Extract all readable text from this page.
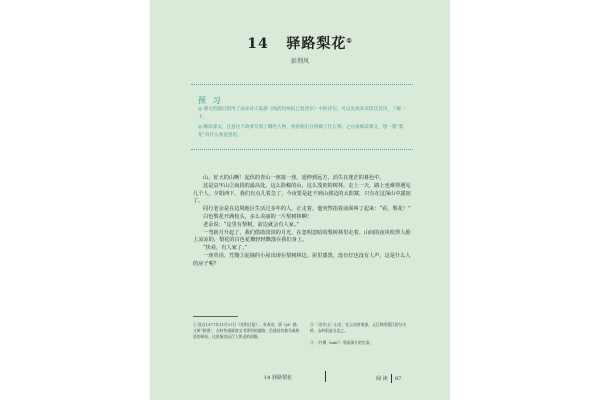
14 驿路梨花①
彭荆风
预 习
◎ 课文的题目借用了南宋诗人陆游《闻武均州报已复西京》中的诗句，可以先找来读读这首诗，了解一下。
◎ 略读课文，注意这个故事写到了哪些人物，看看他们分别做了什么事。之后再细读课文，想一想“梨花”有什么象征意思。

山，好大的山啊！起伏的青山一座接一座，延伸到远方，消失在迷茫的暮色中。

这是哀牢山②南段的最高处。这么险峻的山，这么茂密的树林，走上一天，路上也难得遇见几个人。夕阳西下，我们有点儿着急了，今夜要是赶不到山那边的太阳寨，只有在这深山中露宿了。

同行老余是在边境地区生活过多年的人。正走着，他突然指着前面叫了起来：“看，梨花！”

白色梨花开满枝头，多么美丽的一片梨树林啊！

老余说：“这里有梨树，前边就会有人家。”

一弯新月升起了，我们借助淡淡的月光，在忽明忽暗的梨树林里走着。山间的夜风吹得人脸上凉凉的，梨花的白色花瓣轻轻飘落在我们身上。

“快看，有人家了。”

一座草顶、竹篾③泥墙的小屋出现在梨树林边。屋里漆黑，没有灯也没有人声，这是什么人的房子呢？

① 选自1977年11月27日《光明日报》，有改动。驿（yì）路，又叫“驿道”，古时传递政府文书等用的道路，沿途设有换马或休息的驿站。这里指边远行人所走的道路。
② 〔哀牢山〕山名，在云南省南部，元江和阿墨江的分水岭，山岭很是分北之。
③ 〔竹篾（miè）〕劈成薄片的竹条。
14 驿路梨花	阅 读 87
